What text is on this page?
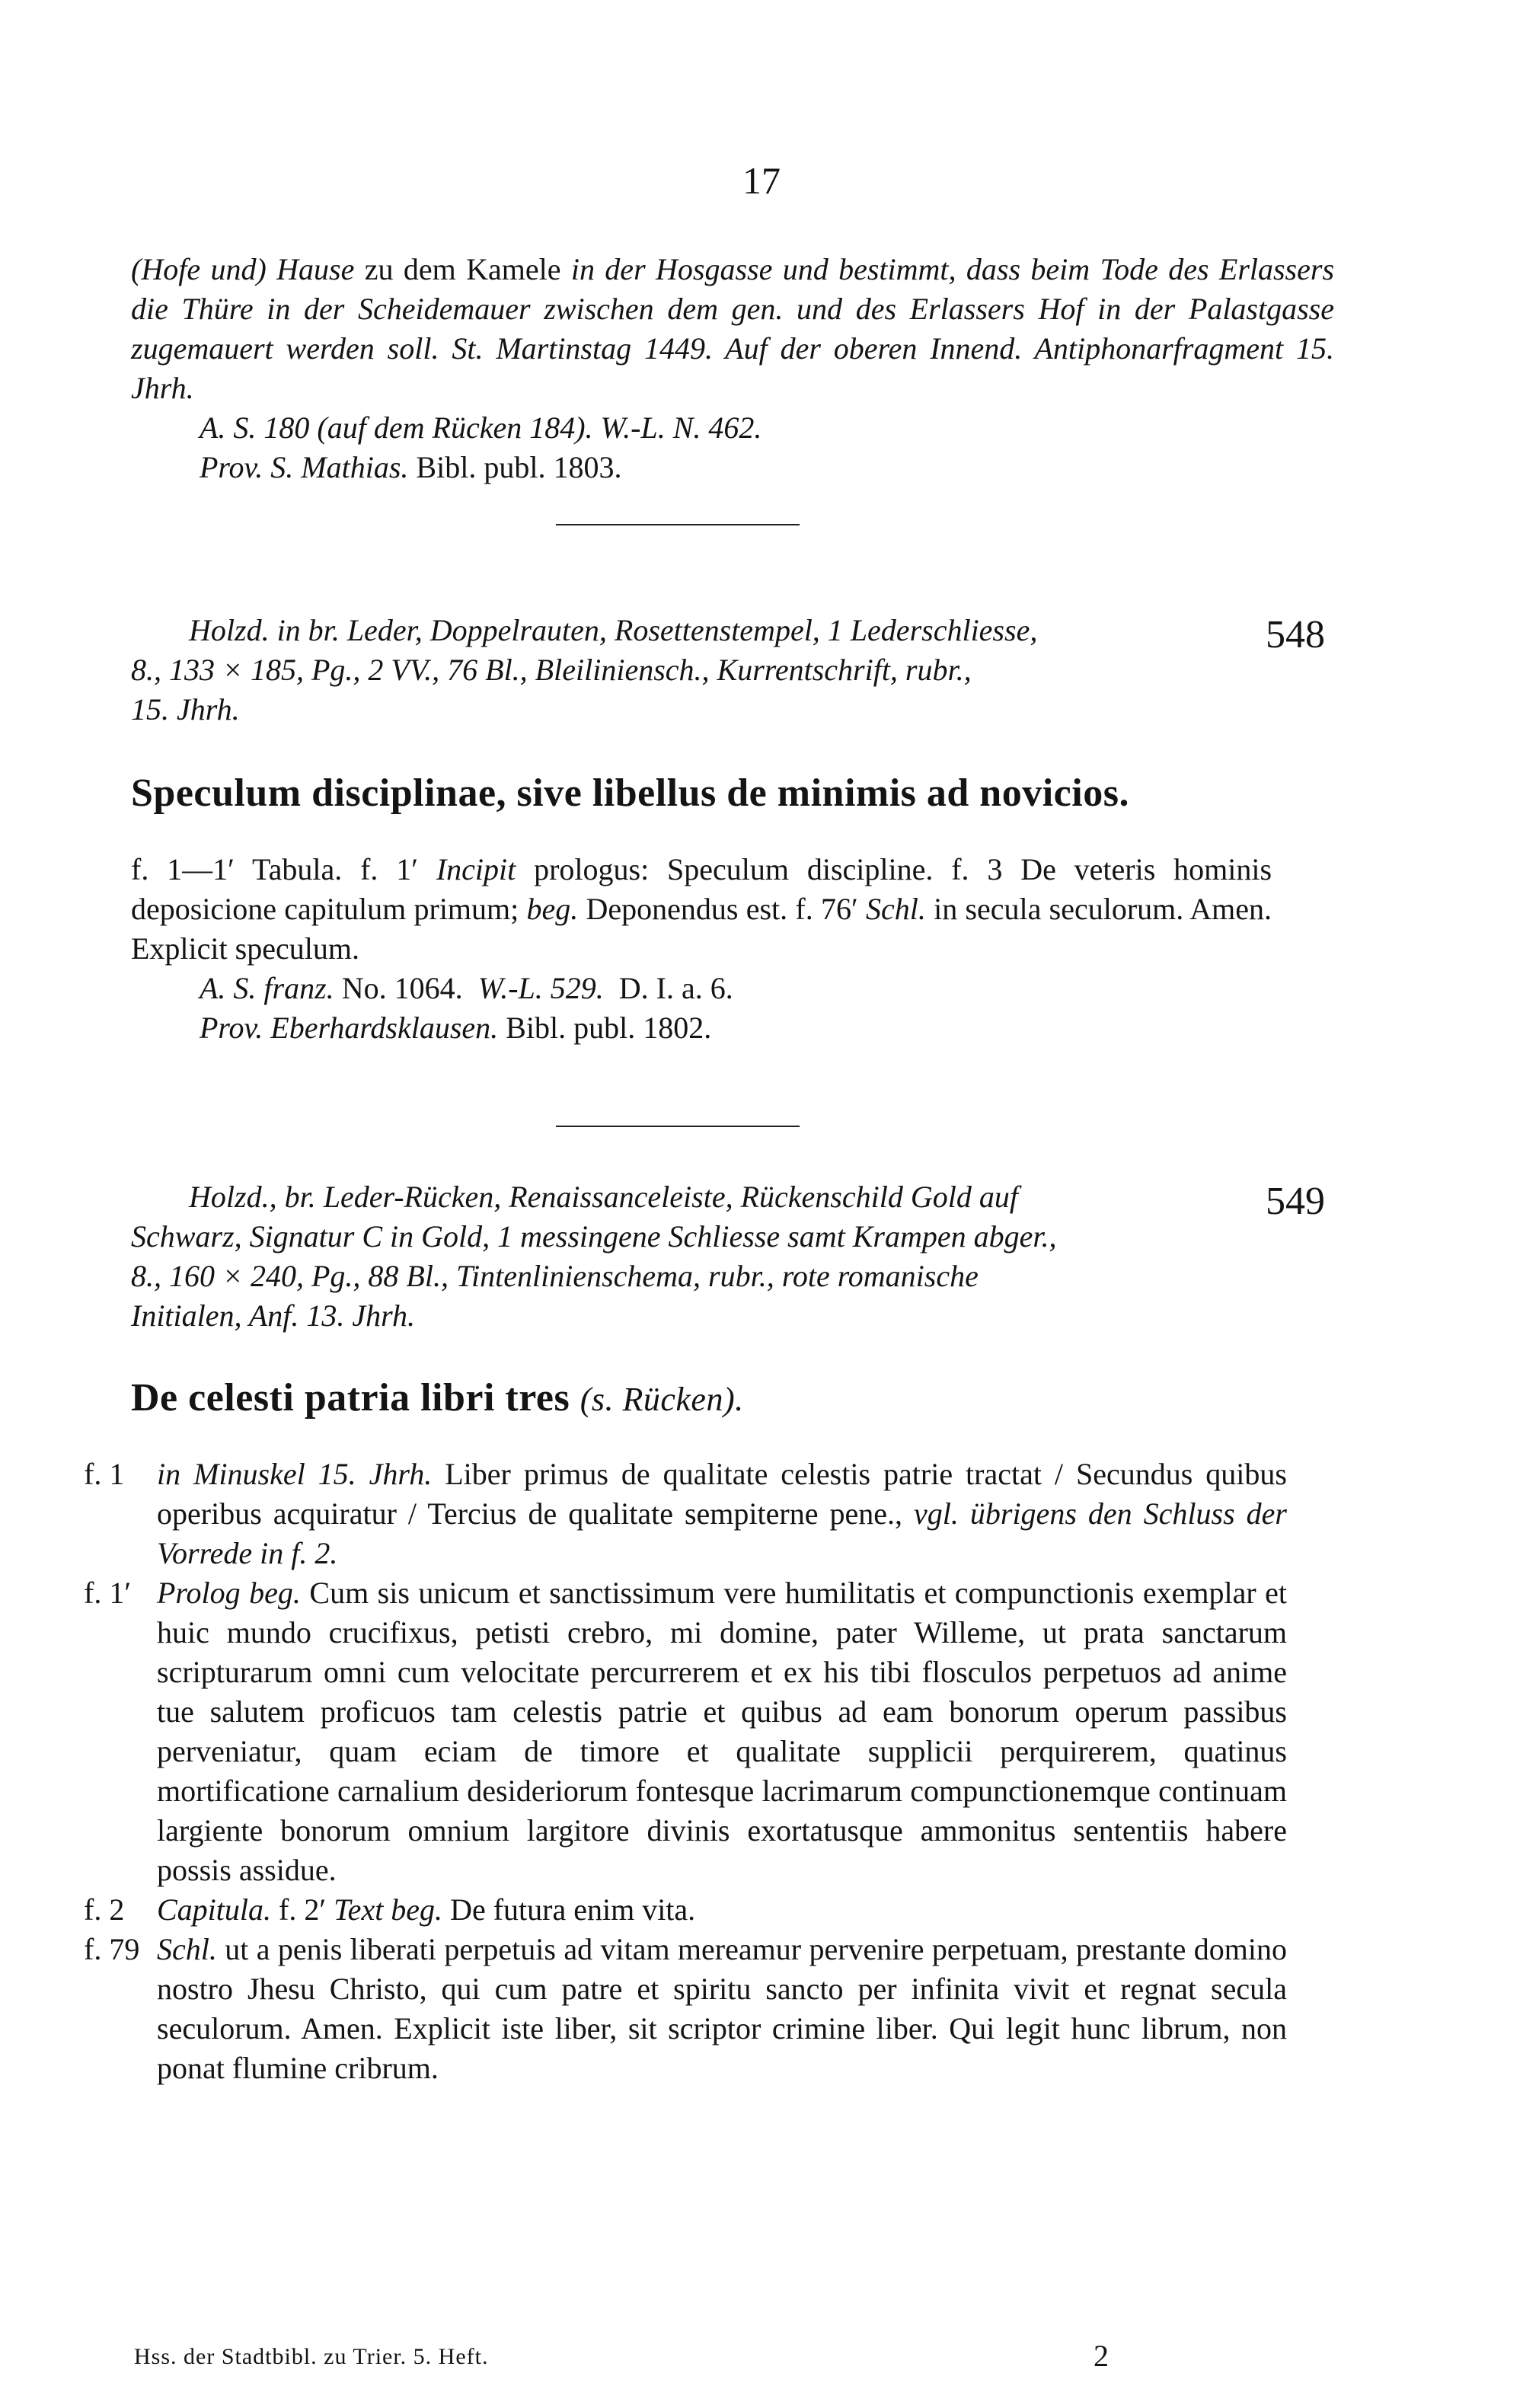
17

(Hofe und) Hause zu dem Kamele in der Hosgasse und bestimmt, dass beim Tode des Erlassers die Thüre in der Scheidemauer zwischen dem gen. und des Erlassers Hof in der Palastgasse zugemauert werden soll. St. Martinstag 1449. Auf der oberen Innend. Antiphonarfragment 15. Jhrh.

A. S. 180 (auf dem Rücken 184). W.-L. N. 462.

Prov. S. Mathias. Bibl. publ. 1803.

548

Holzd. in br. Leder, Doppelrauten, Rosettenstempel, 1 Lederschliesse,

8., 133 × 185, Pg., 2 VV., 76 Bl., Bleiliniensch., Kurrentschrift, rubr.,

15. Jhrh.

Speculum disciplinae, sive libellus de minimis ad novicios.

f. 1—1′ Tabula. f. 1′ Incipit prologus: Speculum discipline. f. 3 De veteris hominis deposicione capitulum primum; beg. Deponendus est. f. 76′ Schl. in secula seculorum. Amen. Explicit speculum.

A. S. franz. No. 1064. W.-L. 529. D. I. a. 6.

Prov. Eberhardsklausen. Bibl. publ. 1802.

549

Holzd., br. Leder-Rücken, Renaissanceleiste, Rückenschild Gold auf

Schwarz, Signatur C in Gold, 1 messingene Schliesse samt Krampen abger.,

8., 160 × 240, Pg., 88 Bl., Tintenlinienschema, rubr., rote romanische

Initialen, Anf. 13. Jhrh.

De celesti patria libri tres (s. Rücken).
f. 1	in Minuskel 15. Jhrh. Liber primus de qualitate celestis patrie tractat / Secundus quibus operibus acquiratur / Tercius de qualitate sempiterne pene., vgl. übrigens den Schluss der Vorrede in f. 2.
f. 1′ Prolog beg. Cum sis unicum et sanctissimum vere humilitatis et compunctionis exemplar et huic mundo crucifixus, petisti crebro, mi domine, pater Willeme, ut prata sanctarum scripturarum omni cum velocitate percurrerem et ex his tibi flosculos perpetuos ad anime tue salutem proficuos tam celestis patrie et quibus ad eam bonorum operum passibus perveniatur, quam eciam de timore et qualitate supplicii perquirerem, quatinus mortificatione carnalium desideriorum fontesque lacrimarum compunctionemque continuam largiente bonorum omnium largitore divinis exortatusque ammonitus sententiis habere possis assidue.
f. 2	Capitula. f. 2′ Text beg. De futura enim vita.
f. 79 Schl. ut a penis liberati perpetuis ad vitam mereamur pervenire perpetuam, prestante domino nostro Jhesu Christo, qui cum patre et spiritu sancto per infinita vivit et regnat secula seculorum. Amen. Explicit iste liber, sit scriptor crimine liber. Qui legit hunc librum, non ponat flumine cribrum.
Hss. der Stadtbibl. zu Trier. 5. Heft.	2
